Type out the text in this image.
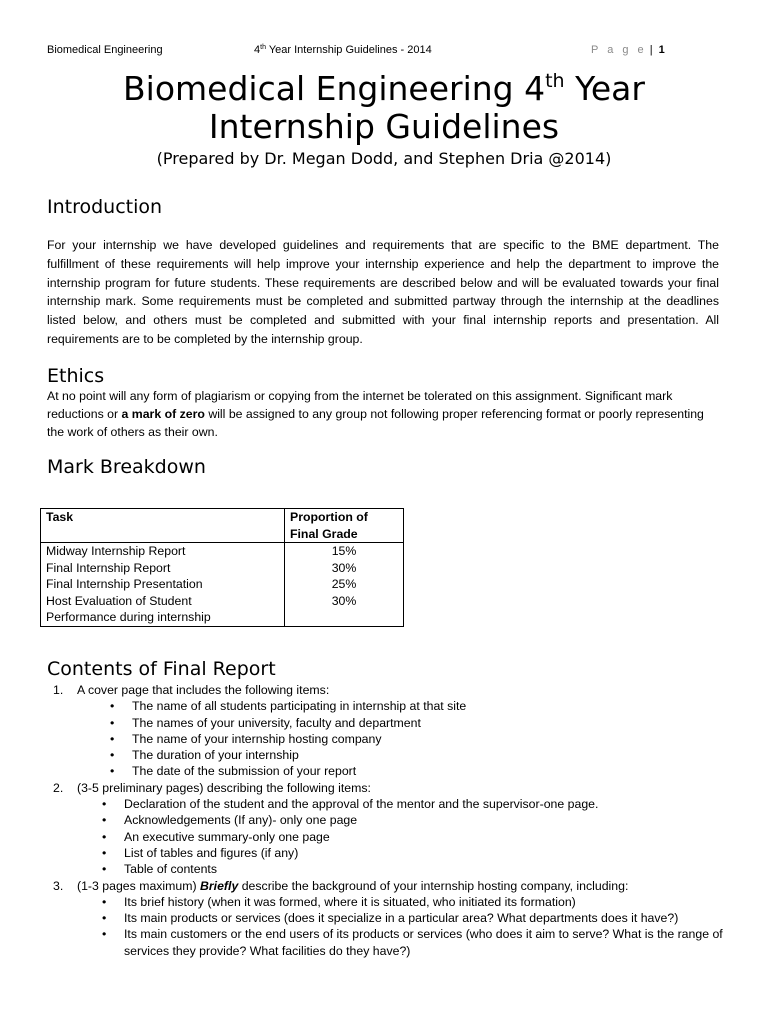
Biomedical Engineering	4th Year Internship Guidelines - 2014	P a g e | 1
Biomedical Engineering 4th Year
Internship Guidelines
(Prepared by Dr. Megan Dodd, and Stephen Dria @2014)
Introduction
For your internship we have developed guidelines and requirements that are specific to the BME department. The fulfillment of these requirements will help improve your internship experience and help the department to improve the internship program for future students. These requirements are described below and will be evaluated towards your final internship mark. Some requirements must be completed and submitted partway through the internship at the deadlines listed below, and others must be completed and submitted with your final internship reports and presentation. All requirements are to be completed by the internship group.
Ethics
At no point will any form of plagiarism or copying from the internet be tolerated on this assignment. Significant mark reductions or a mark of zero will be assigned to any group not following proper referencing format or poorly representing the work of others as their own.
Mark Breakdown
Task	Proportion of
Final Grade
Midway Internship Report	15%
Final Internship Report	30%
Final Internship Presentation	25%
Host Evaluation of Student
Performance during internship	30%
Contents of Final Report
1. A cover page that includes the following items:
• The name of all students participating in internship at that site
• The names of your university, faculty and department
• The name of your internship hosting company
• The duration of your internship
• The date of the submission of your report
2. (3-5 preliminary pages) describing the following items:
• Declaration of the student and the approval of the mentor and the supervisor-one page.
• Acknowledgements (If any)- only one page
• An executive summary-only one page
• List of tables and figures (if any)
• Table of contents
3. (1-3 pages maximum) Briefly describe the background of your internship hosting company, including:
• Its brief history (when it was formed, where it is situated, who initiated its formation)
• Its main products or services (does it specialize in a particular area? What departments does it have?)
• Its main customers or the end users of its products or services (who does it aim to serve? What is the range of services they provide? What facilities do they have?)
